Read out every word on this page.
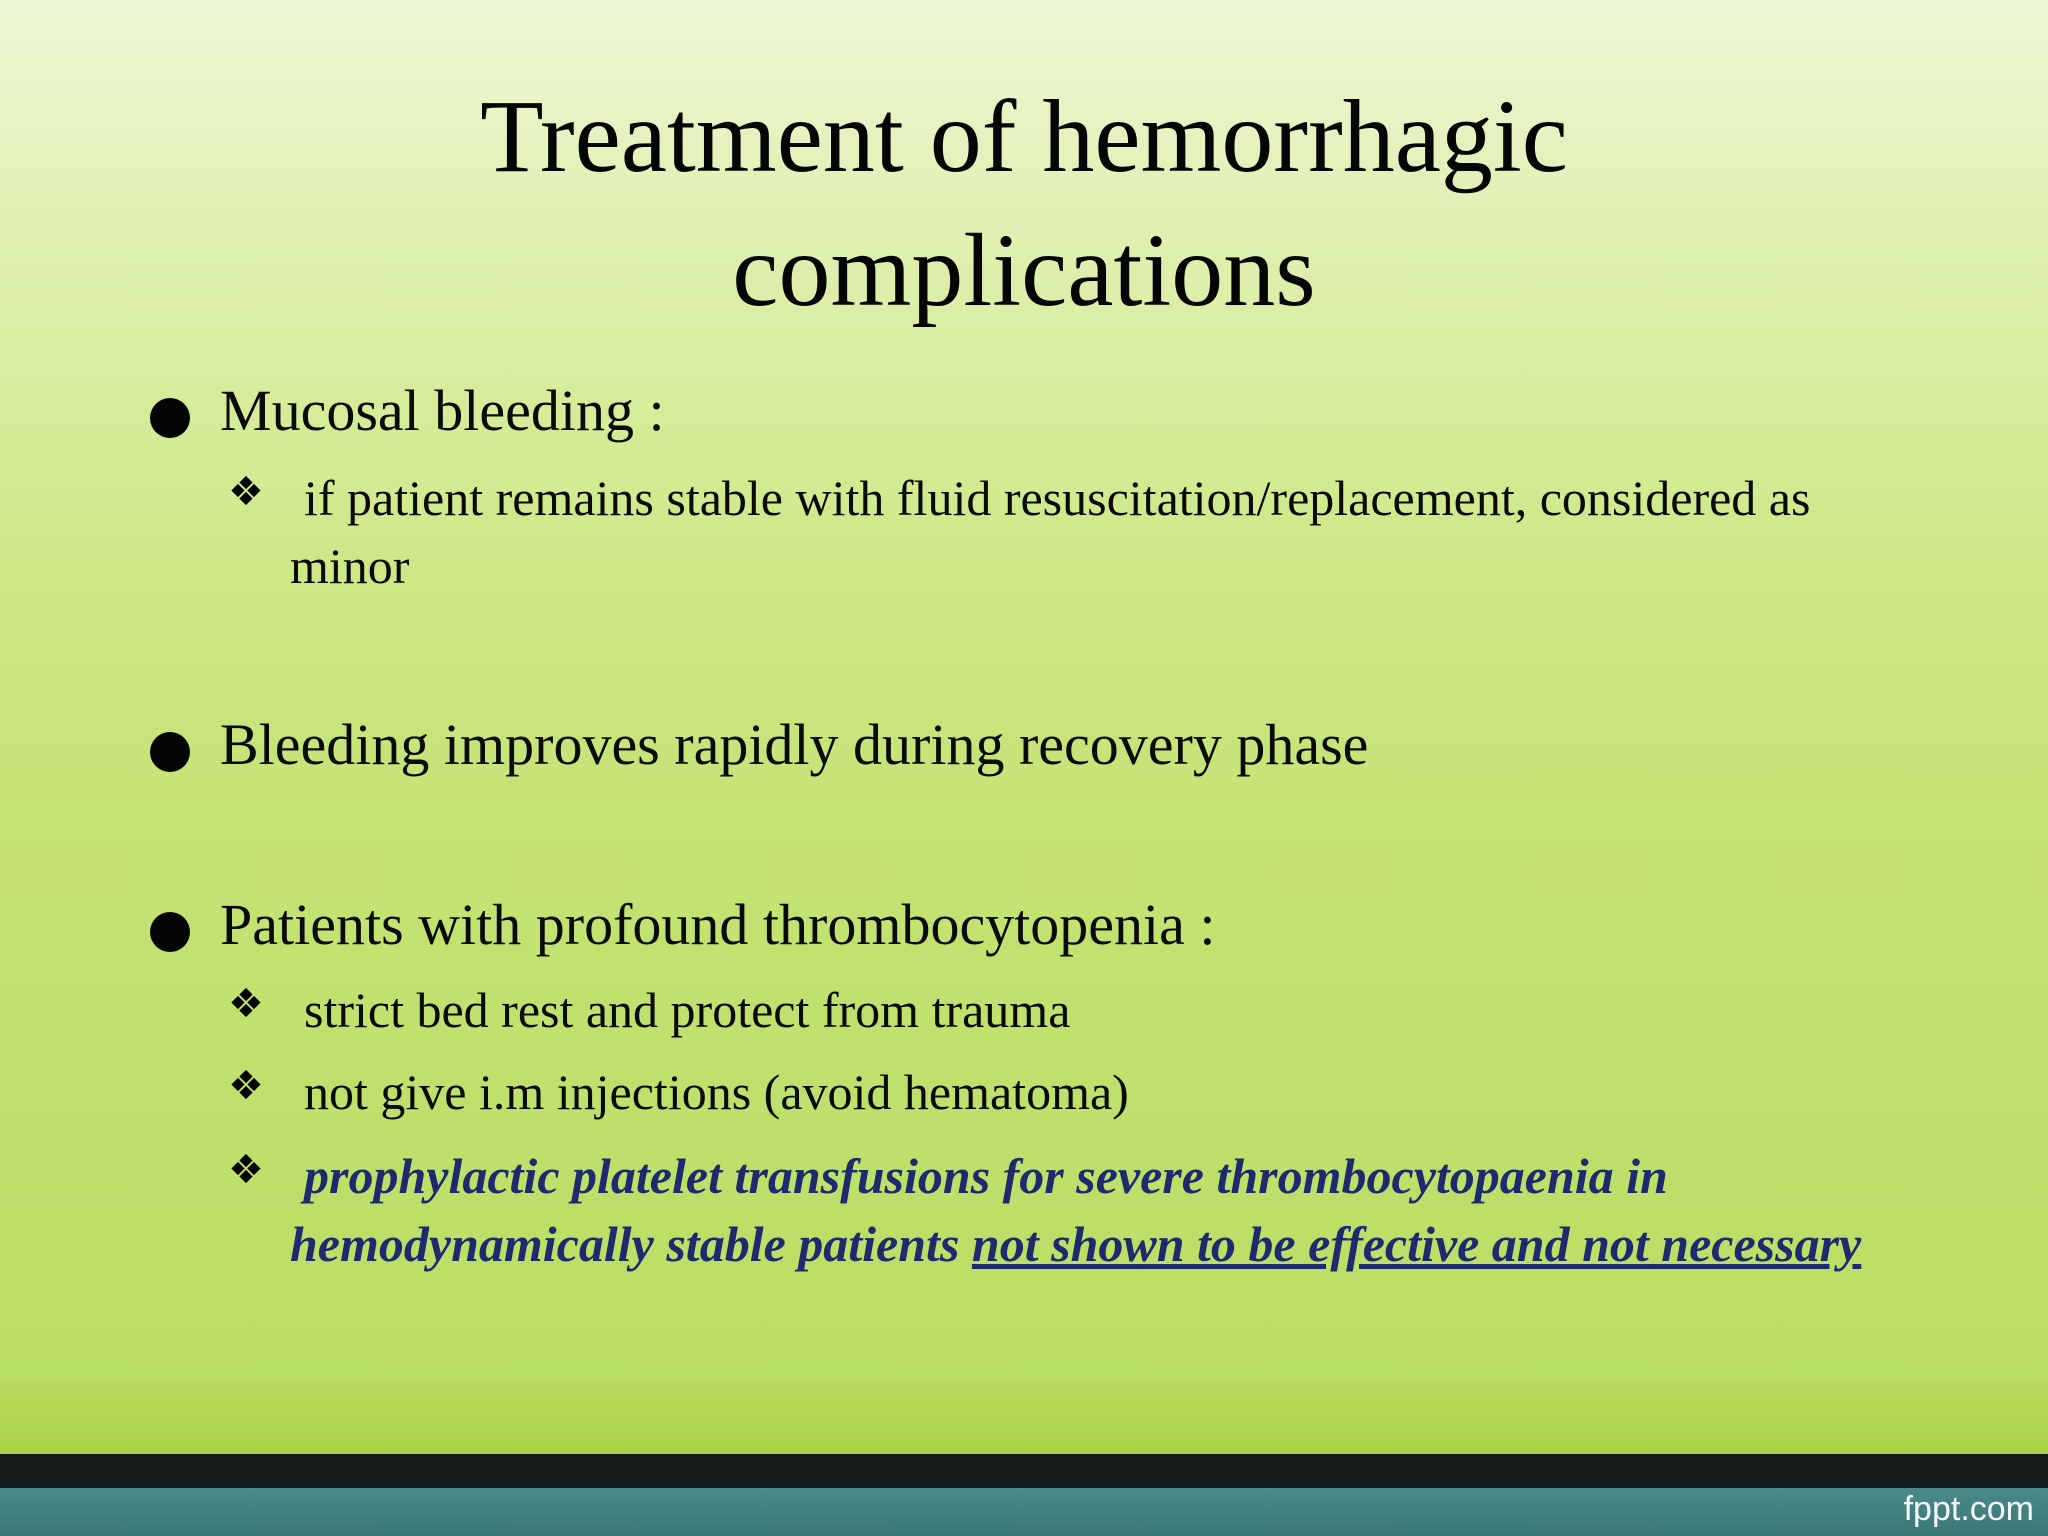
Treatment of hemorrhagic
complications
Mucosal bleeding :
❖ if patient remains stable with fluid resuscitation/replacement, considered as minor
Bleeding improves rapidly during recovery phase
Patients with profound thrombocytopenia :
❖ strict bed rest and protect from trauma
❖ not give i.m injections (avoid hematoma)
❖ prophylactic platelet transfusions for severe thrombocytopaenia in hemodynamically stable patients not shown to be effective and not necessary
fppt.com
